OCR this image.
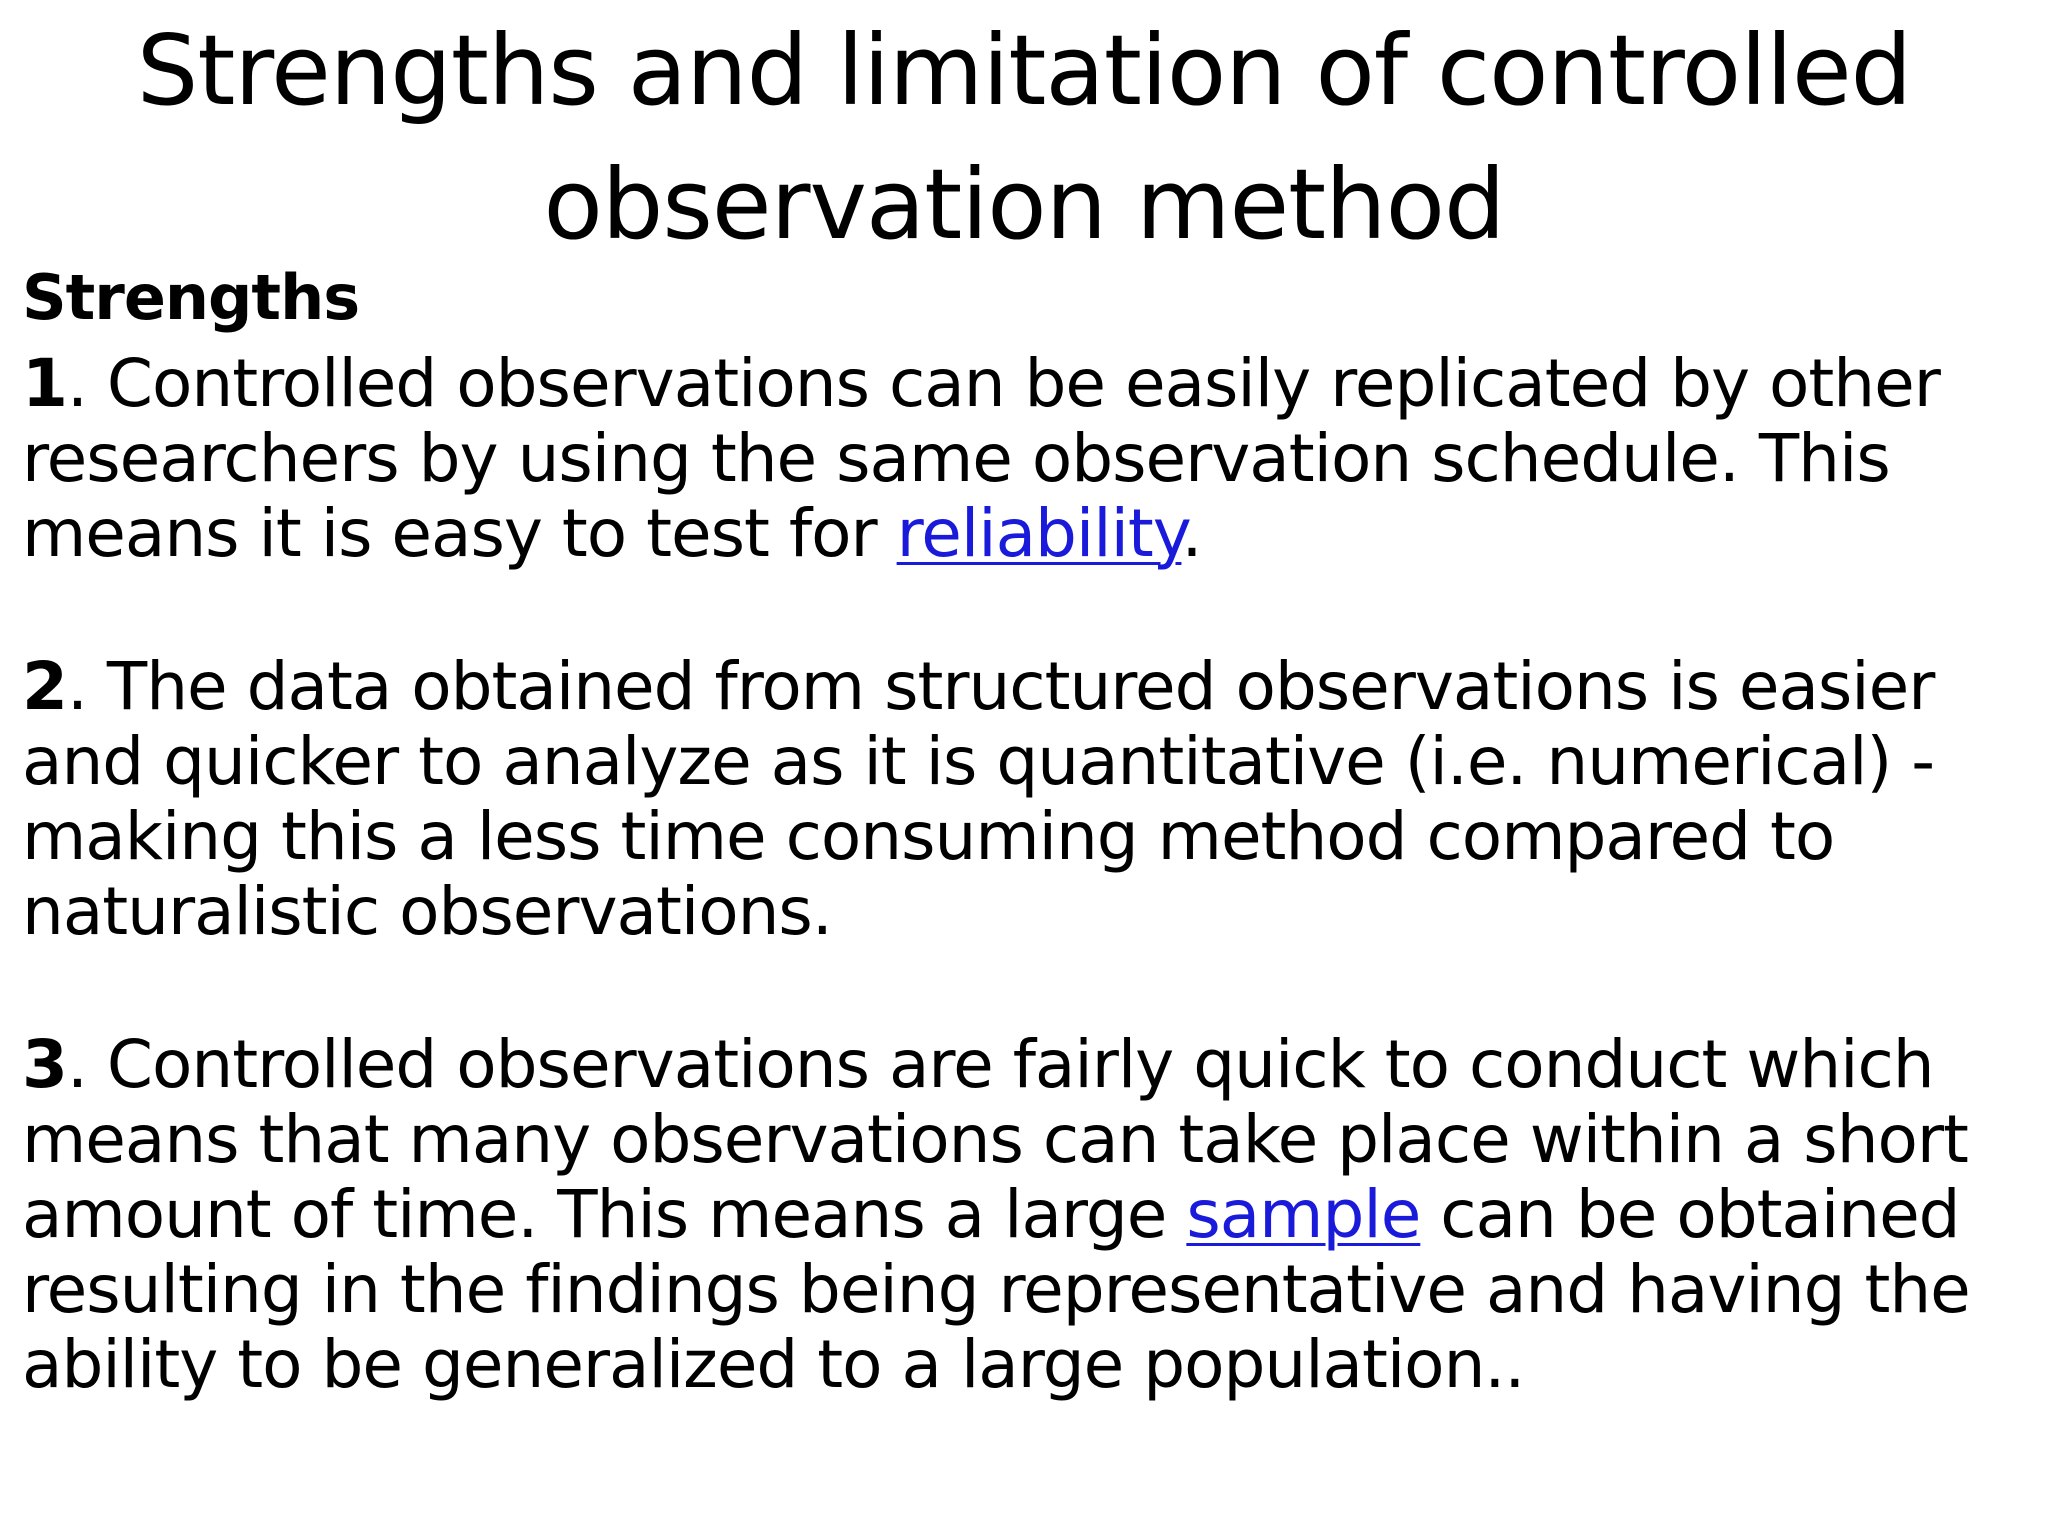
Strengths and limitation of controlled
observation method
Strengths

1. Controlled observations can be easily replicated by other researchers by using the same observation schedule. This means it is easy to test for reliability.

2. The data obtained from structured observations is easier and quicker to analyze as it is quantitative (i.e. numerical) - making this a less time consuming method compared to naturalistic observations.

3. Controlled observations are fairly quick to conduct which means that many observations can take place within a short amount of time. This means a large sample can be obtained resulting in the findings being representative and having the ability to be generalized to a large population..
